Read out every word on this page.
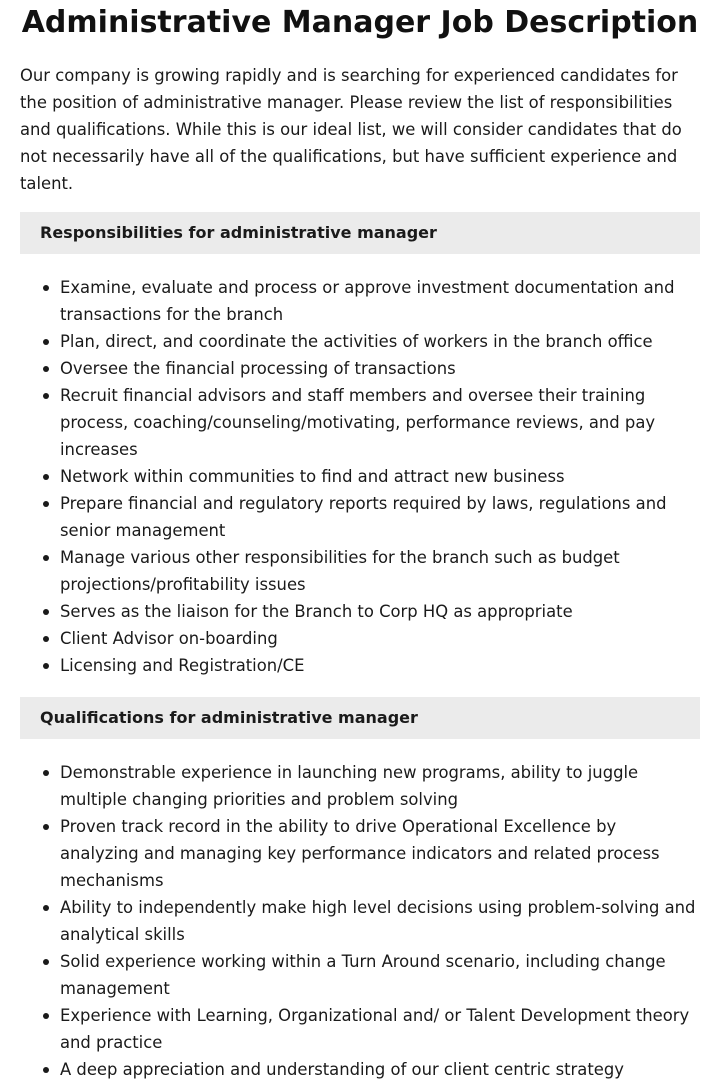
Administrative Manager Job Description

Our company is growing rapidly and is searching for experienced candidates for the position of administrative manager. Please review the list of responsibilities and qualifications. While this is our ideal list, we will consider candidates that do not necessarily have all of the qualifications, but have sufficient experience and talent.

Responsibilities for administrative manager
Examine, evaluate and process or approve investment documentation and transactions for the branch
Plan, direct, and coordinate the activities of workers in the branch office
Oversee the financial processing of transactions
Recruit financial advisors and staff members and oversee their training process, coaching/counseling/motivating, performance reviews, and pay increases
Network within communities to find and attract new business
Prepare financial and regulatory reports required by laws, regulations and senior management
Manage various other responsibilities for the branch such as budget projections/profitability issues
Serves as the liaison for the Branch to Corp HQ as appropriate
Client Advisor on-boarding
Licensing and Registration/CE
Qualifications for administrative manager
Demonstrable experience in launching new programs, ability to juggle multiple changing priorities and problem solving
Proven track record in the ability to drive Operational Excellence by analyzing and managing key performance indicators and related process mechanisms
Ability to independently make high level decisions using problem-solving and analytical skills
Solid experience working within a Turn Around scenario, including change management
Experience with Learning, Organizational and/ or Talent Development theory and practice
A deep appreciation and understanding of our client centric strategy
